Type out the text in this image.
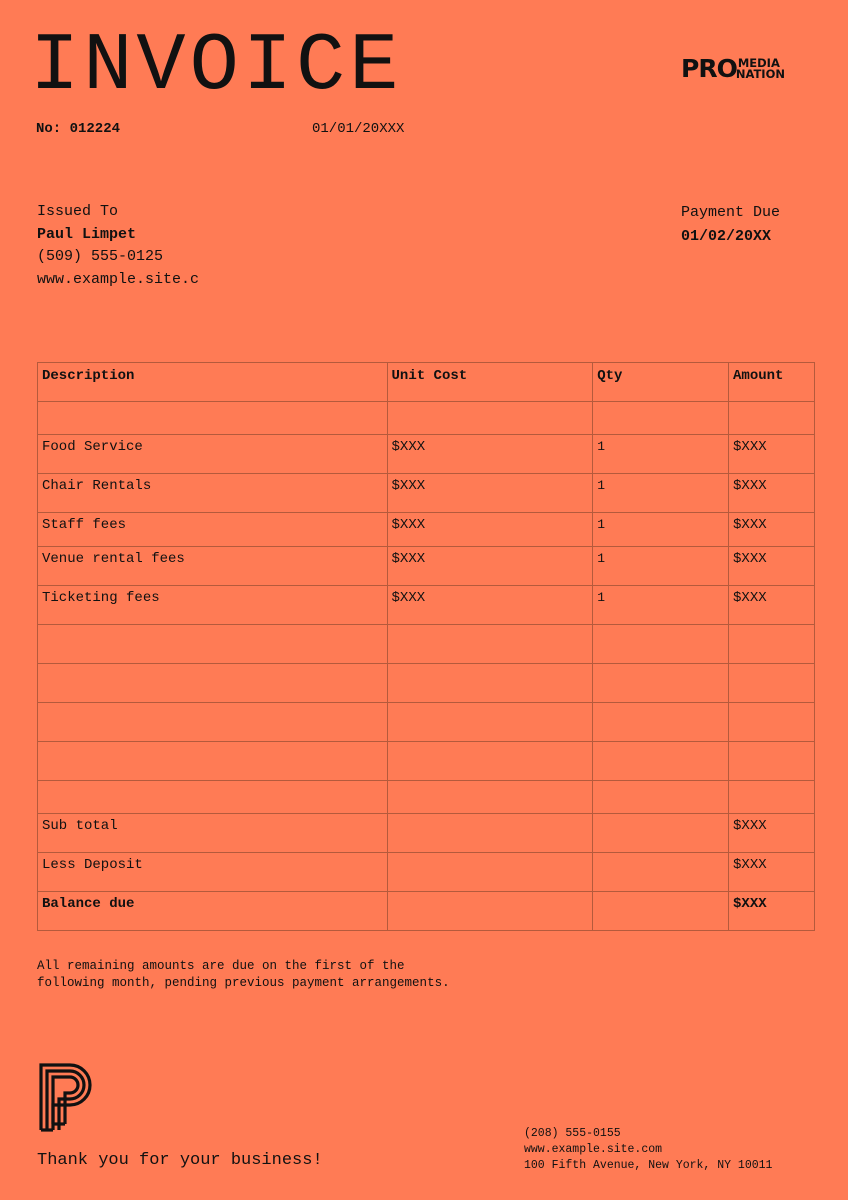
INVOICE
No: 012224	01/01/20XXX
PRO MEDIA
NATION
Issued To
Paul Limpet
(509) 555-0125
www.example.site.c
Payment Due
01/02/20XX
Description	Unit Cost	Qty	Amount

Food Service	$XXX	1	$XXX
Chair Rentals	$XXX	1	$XXX
Staff fees	$XXX	1	$XXX
Venue rental fees	$XXX	1	$XXX
Ticketing fees	$XXX	1	$XXX

Sub total			$XXX
Less Deposit			$XXX
Balance due			$XXX
All remaining amounts are due on the first of the
following month, pending previous payment arrangements.
Thank you for your business!
(208) 555-0155
www.example.site.com
100 Fifth Avenue, New York, NY 10011
